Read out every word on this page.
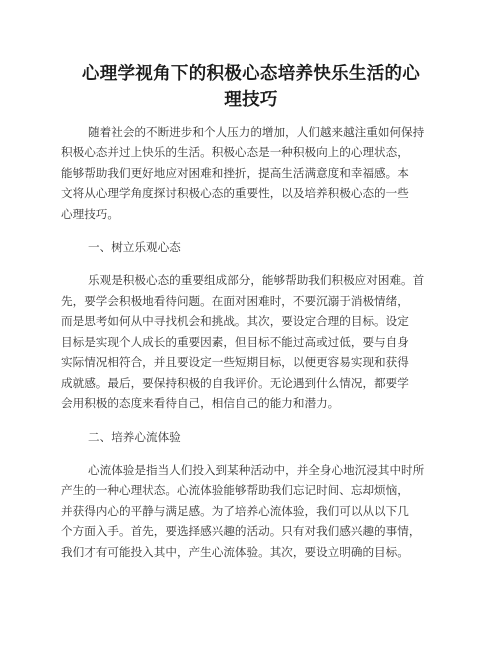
心理学视角下的积极心态培养快乐生活的心
理技巧
随着社会的不断进步和个人压力的增加，人们越来越注重如何保持
积极心态并过上快乐的生活。积极心态是一种积极向上的心理状态，
能够帮助我们更好地应对困难和挫折，提高生活满意度和幸福感。本
文将从心理学角度探讨积极心态的重要性，以及培养积极心态的一些
心理技巧。
一、树立乐观心态
乐观是积极心态的重要组成部分，能够帮助我们积极应对困难。首
先，要学会积极地看待问题。在面对困难时，不要沉溺于消极情绪，
而是思考如何从中寻找机会和挑战。其次，要设定合理的目标。设定
目标是实现个人成长的重要因素，但目标不能过高或过低，要与自身
实际情况相符合，并且要设定一些短期目标，以便更容易实现和获得
成就感。最后，要保持积极的自我评价。无论遇到什么情况，都要学
会用积极的态度来看待自己，相信自己的能力和潜力。
二、培养心流体验
心流体验是指当人们投入到某种活动中，并全身心地沉浸其中时所
产生的一种心理状态。心流体验能够帮助我们忘记时间、忘却烦恼，
并获得内心的平静与满足感。为了培养心流体验，我们可以从以下几
个方面入手。首先，要选择感兴趣的活动。只有对我们感兴趣的事情，
我们才有可能投入其中，产生心流体验。其次，要设立明确的目标。
